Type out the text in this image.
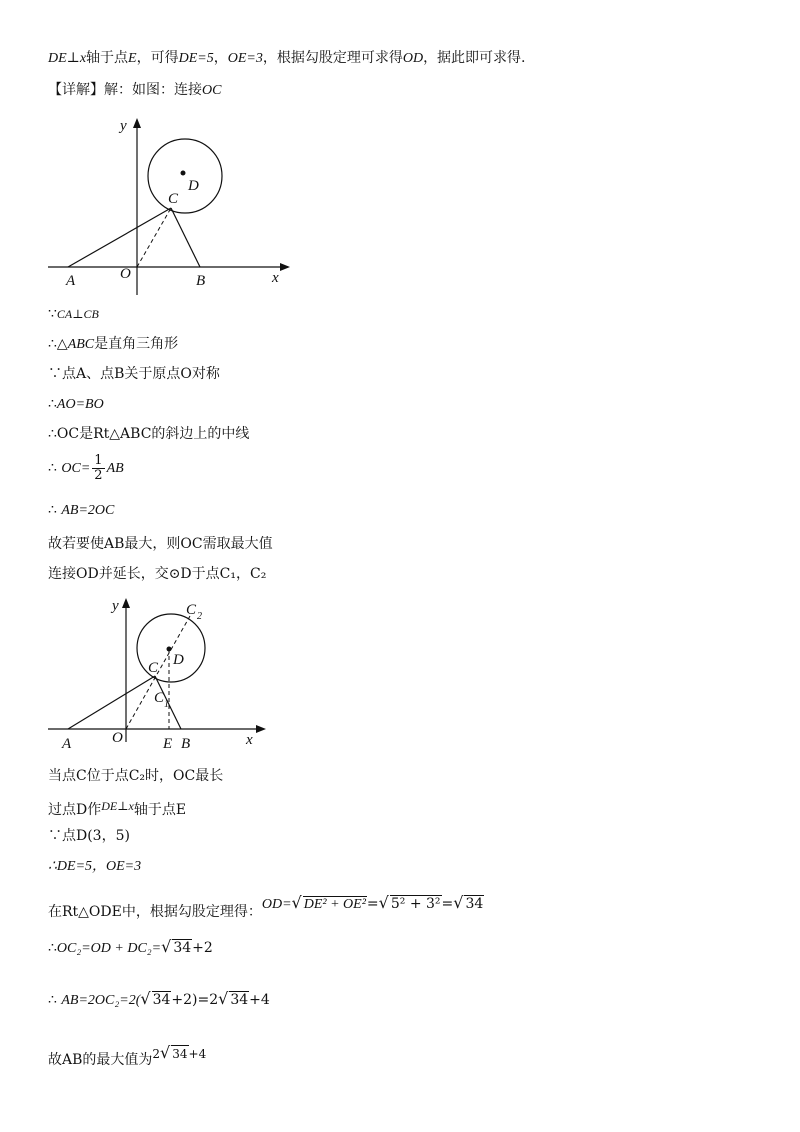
DE⊥x轴于点E，可得DE=5，OE=3，根据勾股定理可求得OD，据此即可求得.
【详解】解：如图：连接OC
y
x
D
C
A	O	B
∵CA⊥CB
∴△ABC是直角三角形
∵点A、点B关于原点O对称
∴AO=BO
∴OC是Rt△ABC的斜边上的中线
∴ $OC= \frac{1}{2}$ AB
∴ AB=2OC
故若要使AB最大，则OC需取最大值
连接OD并延长，交⊙D于点C₁，C₂
y
x
C 2
D
C
C 1
A	O	E B
当点C位于点C₂时，OC最长
过点D作DE⊥x轴于点E
∵点D(3，5)
∴DE=5，OE=3
在Rt△ODE中，根据勾股定理得：OD=√ DE² + OE²=√ 5² + 3²=√ 34
∴OC₂=OD + DC₂=√ 34+2
∴ AB=2OC₂=2(√ 34+2)=2√ 34+4
故AB的最大值为2√ 34+4
